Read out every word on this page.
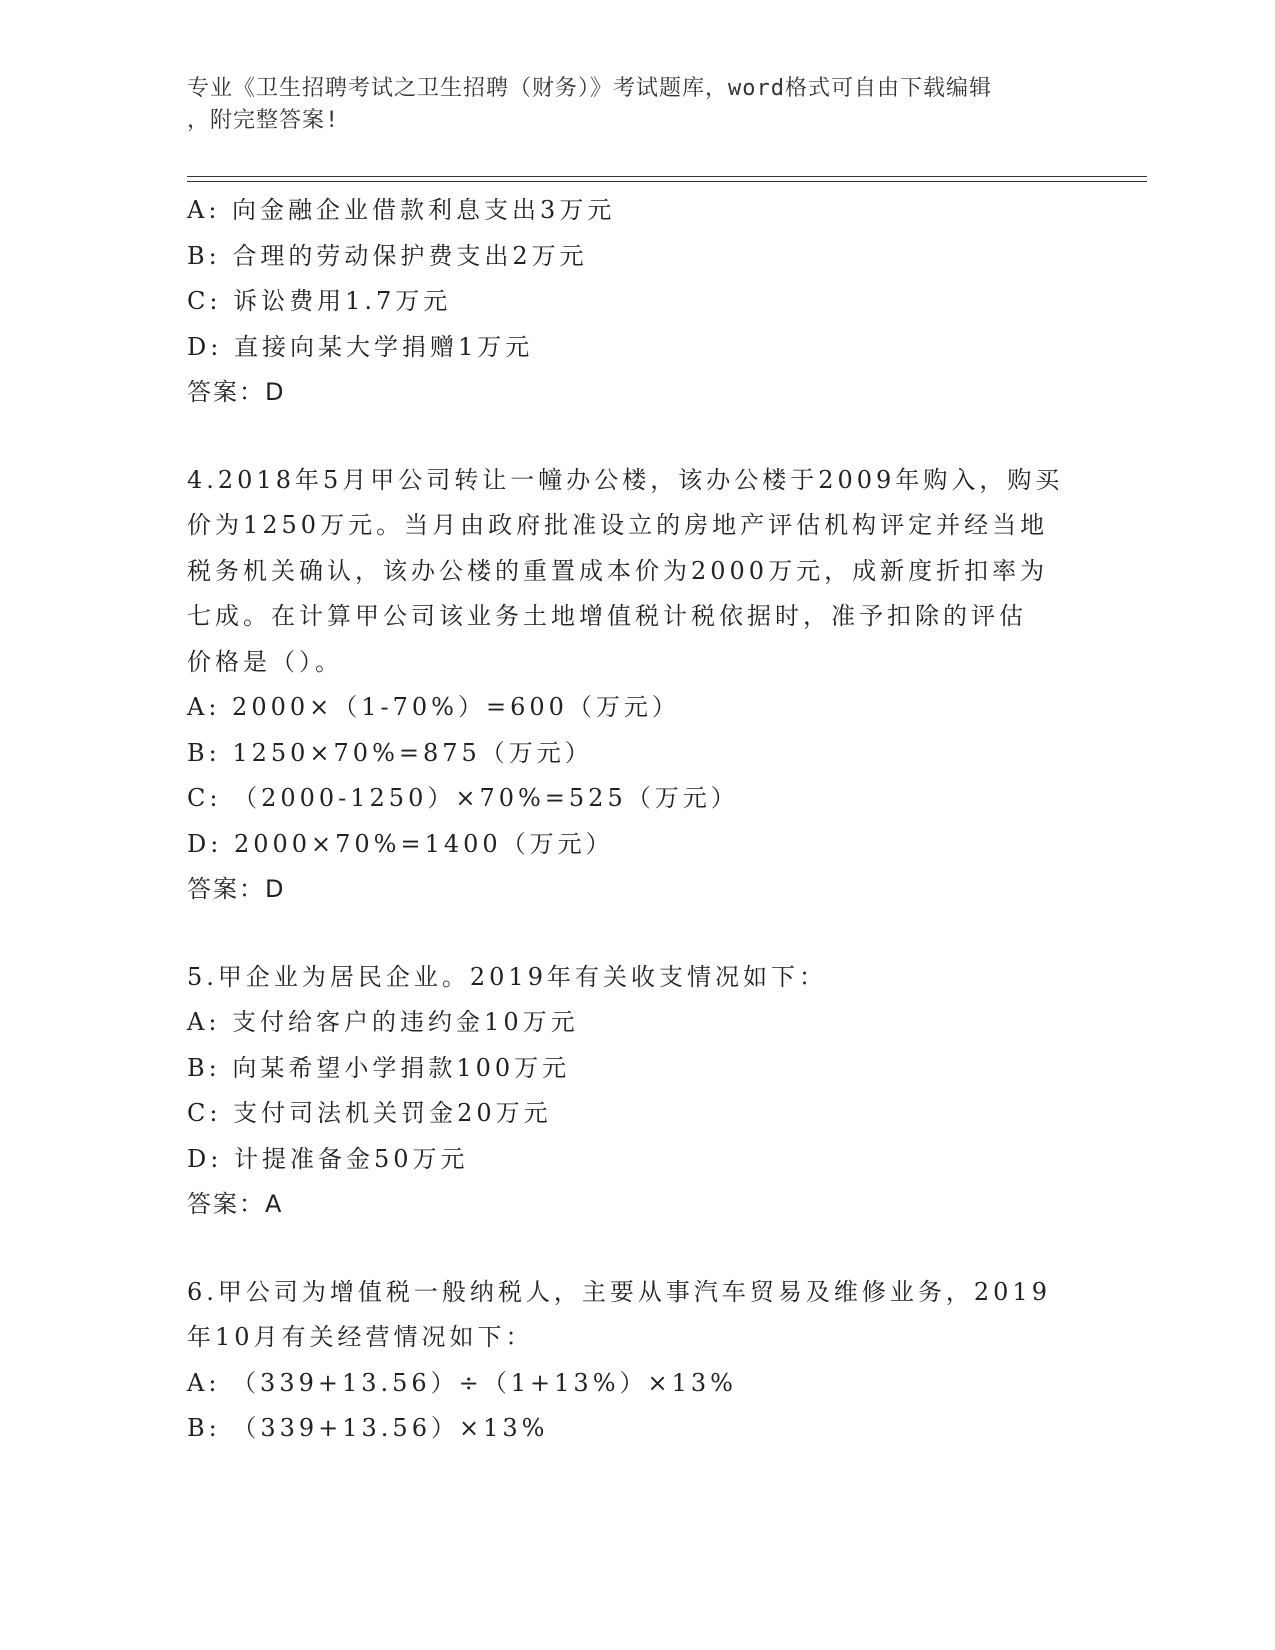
专业《卫生招聘考试之卫生招聘（财务）》考试题库，word格式可自由下载编辑
，附完整答案!
A: 向金融企业借款利息支出3万元
B: 合理的劳动保护费支出2万元
C: 诉讼费用1.7万元
D: 直接向某大学捐赠1万元
答案：D
4.2018年5月甲公司转让一幢办公楼，该办公楼于2009年购入，购买
价为1250万元。当月由政府批准设立的房地产评估机构评定并经当地
税务机关确认，该办公楼的重置成本价为2000万元，成新度折扣率为
七成。在计算甲公司该业务土地增值税计税依据时，准予扣除的评估
价格是（）。
A: 2000×（1-70%）=600（万元）
B: 1250×70%=875（万元）
C: （2000-1250）×70%=525（万元）
D: 2000×70%=1400（万元）
答案：D
5.甲企业为居民企业。2019年有关收支情况如下：
A: 支付给客户的违约金10万元
B: 向某希望小学捐款100万元
C: 支付司法机关罚金20万元
D: 计提准备金50万元
答案：A
6.甲公司为增值税一般纳税人，主要从事汽车贸易及维修业务，2019
年10月有关经营情况如下：
A: （339+13.56）÷（1+13%）×13%
B: （339+13.56）×13%
